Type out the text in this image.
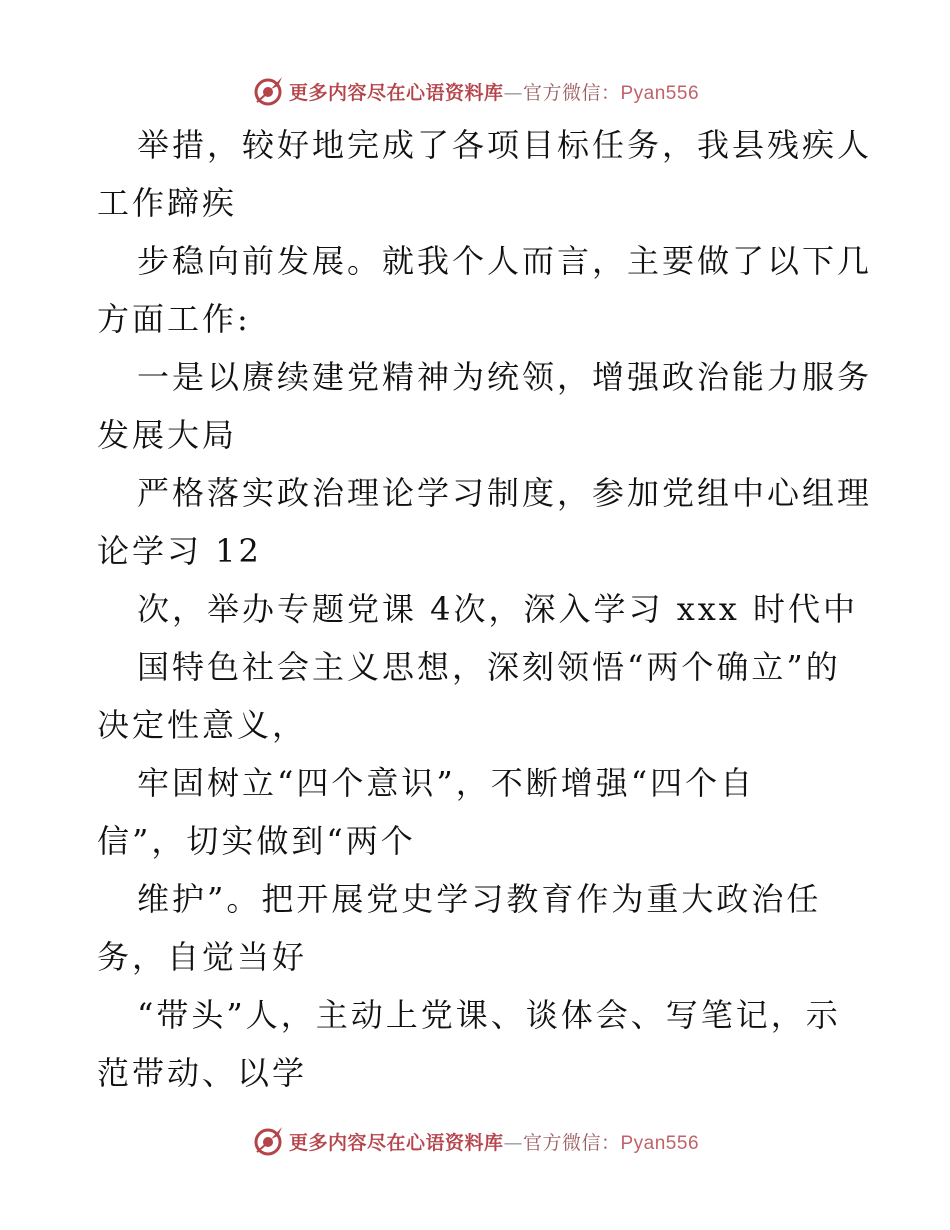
更多内容尽在心语资料库—官方微信：Pyan556

举措，较好地完成了各项目标任务，我县残疾人

工作蹄疾

步稳向前发展。就我个人而言，主要做了以下几

方面工作:

一是以赓续建党精神为统领，增强政治能力服务

发展大局

严格落实政治理论学习制度，参加党组中心组理

论学习 12

次，举办专题党课 4次，深入学习 xxx 时代中

国特色社会主义思想，深刻领悟“两个确立”的

决定性意义，

牢固树立“四个意识”，不断增强“四个自

信”，切实做到“两个

维护”。把开展党史学习教育作为重大政治任

务，自觉当好

“带头”人，主动上党课、谈体会、写笔记，示

范带动、以学

更多内容尽在心语资料库—官方微信：Pyan556
